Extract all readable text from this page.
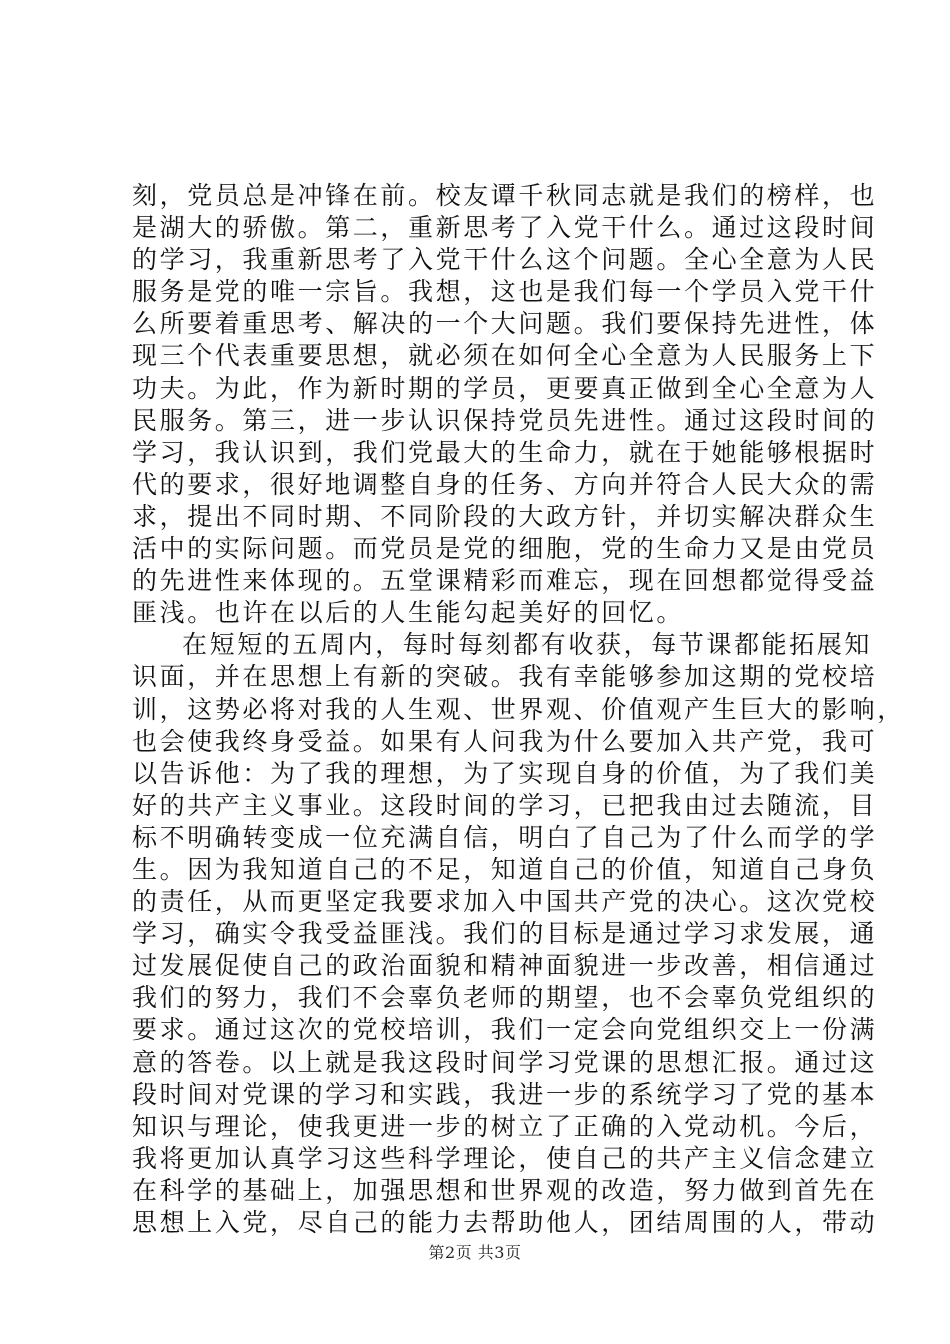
刻，党员总是冲锋在前。校友谭千秋同志就是我们的榜样，也
是湖大的骄傲。第二，重新思考了入党干什么。通过这段时间
的学习，我重新思考了入党干什么这个问题。全心全意为人民
服务是党的唯一宗旨。我想，这也是我们每一个学员入党干什
么所要着重思考、解决的一个大问题。我们要保持先进性，体
现三个代表重要思想，就必须在如何全心全意为人民服务上下
功夫。为此，作为新时期的学员，更要真正做到全心全意为人
民服务。第三，进一步认识保持党员先进性。通过这段时间的
学习，我认识到，我们党最大的生命力，就在于她能够根据时
代的要求，很好地调整自身的任务、方向并符合人民大众的需
求，提出不同时期、不同阶段的大政方针，并切实解决群众生
活中的实际问题。而党员是党的细胞，党的生命力又是由党员
的先进性来体现的。五堂课精彩而难忘，现在回想都觉得受益
匪浅。也许在以后的人生能勾起美好的回忆。
在短短的五周内，每时每刻都有收获，每节课都能拓展知
识面，并在思想上有新的突破。我有幸能够参加这期的党校培
训，这势必将对我的人生观、世界观、价值观产生巨大的影响，
也会使我终身受益。如果有人问我为什么要加入共产党，我可
以告诉他：为了我的理想，为了实现自身的价值，为了我们美
好的共产主义事业。这段时间的学习，已把我由过去随流，目
标不明确转变成一位充满自信，明白了自己为了什么而学的学
生。因为我知道自己的不足，知道自己的价值，知道自己身负
的责任，从而更坚定我要求加入中国共产党的决心。这次党校
学习，确实令我受益匪浅。我们的目标是通过学习求发展，通
过发展促使自己的政治面貌和精神面貌进一步改善，相信通过
我们的努力，我们不会辜负老师的期望，也不会辜负党组织的
要求。通过这次的党校培训，我们一定会向党组织交上一份满
意的答卷。以上就是我这段时间学习党课的思想汇报。通过这
段时间对党课的学习和实践，我进一步的系统学习了党的基本
知识与理论，使我更进一步的树立了正确的入党动机。今后，
我将更加认真学习这些科学理论，使自己的共产主义信念建立
在科学的基础上，加强思想和世界观的改造，努力做到首先在
思想上入党，尽自己的能力去帮助他人，团结周围的人，带动
第2页 共3页
